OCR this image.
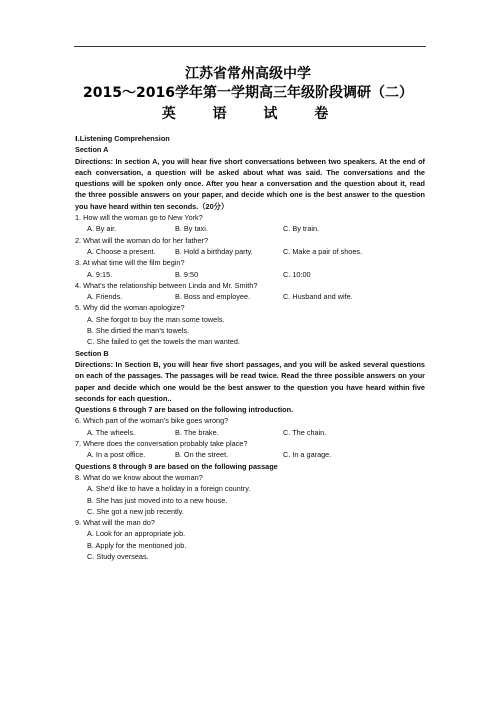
江苏省常州高级中学
2015～2016学年第一学期高三年级阶段调研（二）
英 语 试 卷
Ⅰ.Listening Comprehension
Section A
Directions: In section A, you will hear five short conversations between two speakers. At the end of each conversation, a question will be asked about what was said. The conversations and the questions will be spoken only once. After you hear a conversation and the question about it, read the three possible answers on your paper, and decide which one is the best answer to the question you have heard within ten seconds.（20分）
1. How will the woman go to New York?
A. By air.	B. By taxi.	C. By train.
2. What will the woman do for her father?
A. Choose a present.	B. Hold a birthday party.	C. Make a pair of shoes.
3. At what time will the film begin?
A. 9:15.	B. 9:50	C. 10:00
4. What’s the relationship between Linda and Mr. Smith?
A. Friends.	B. Boss and employee.	C. Husband and wife.
5. Why did the woman apologize?
A. She forgot to buy the man some towels.
B. She dirtied the man’s towels.
C. She failed to get the towels the man wanted.
Section B
Directions: In Section B, you will hear five short passages, and you will be asked several questions on each of the passages. The passages will be read twice. Read the three possible answers on your paper and decide which one would be the best answer to the question you have heard within five seconds for each question..
Questions 6 through 7 are based on the following introduction.
6. Which part of the woman’s bike goes wrong?
A. The wheels.	B. The brake.	C. The chain.
7. Where does the conversation probably take place?
A. In a post office.	B. On the street.	C. In a garage.
Questions 8 through 9 are based on the following passage
8. What do we know about the woman?
A. She’d like to have a holiday in a foreign country.
B. She has just moved into to a new house.
C. She got a new job recently.
9. What will the man do?
A. Look for an appropriate job.
B. Apply for the mentioned job.
C. Study overseas.
